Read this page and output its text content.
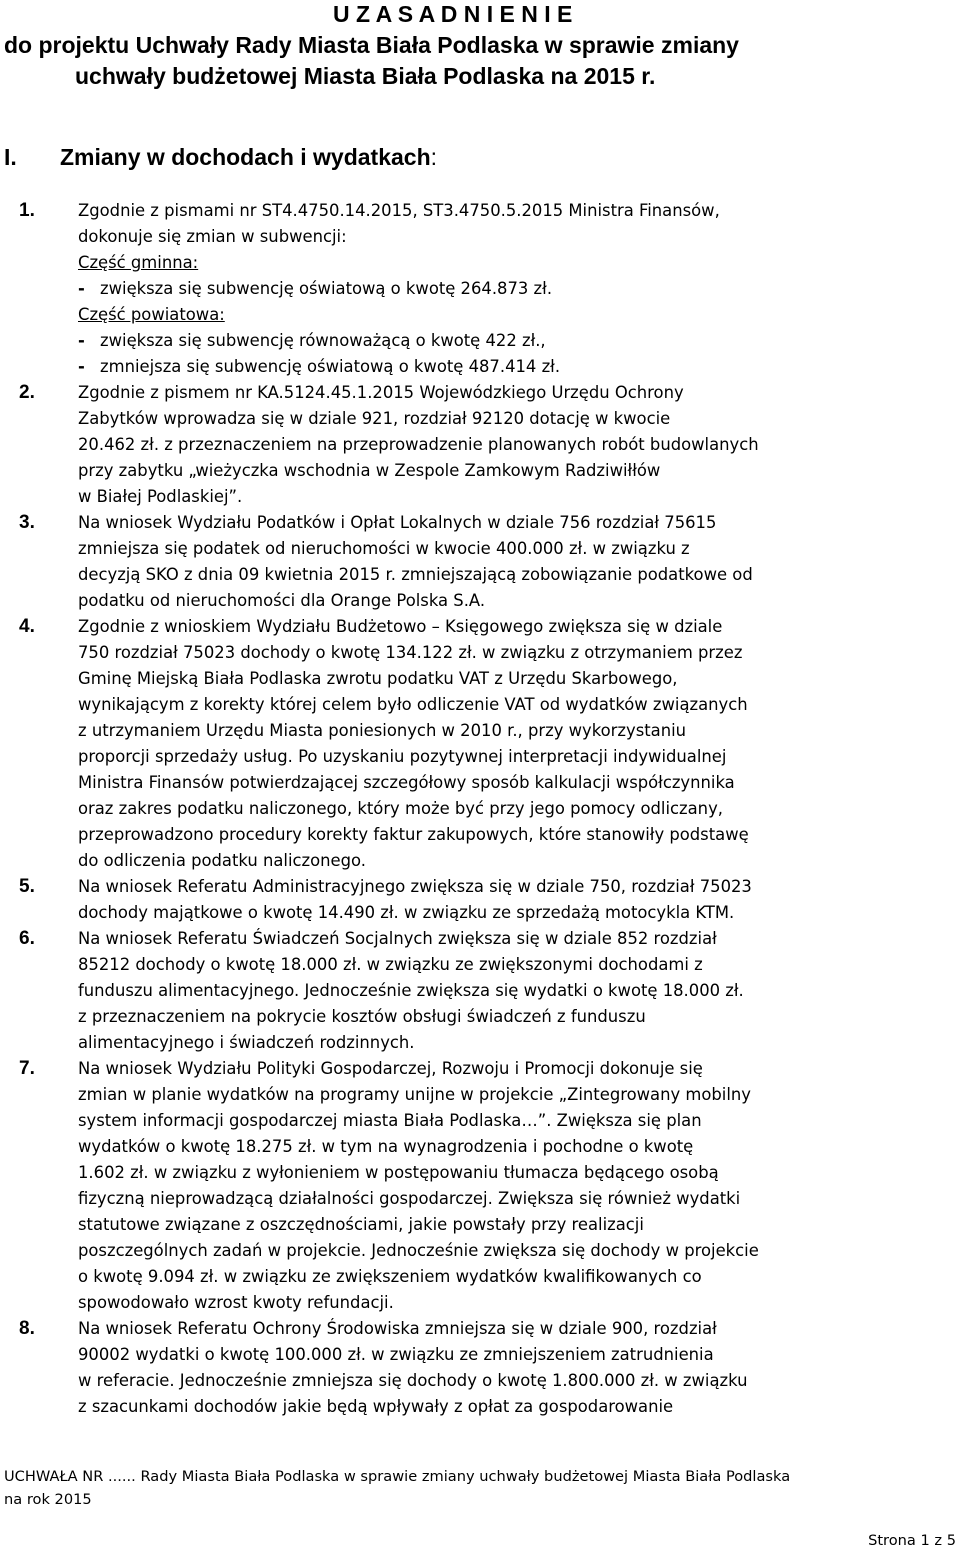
U Z A S A D N I E N I E

do projektu Uchwały Rady Miasta Biała Podlaska w sprawie zmiany

uchwały budżetowej Miasta Biała Podlaska na 2015 r.

I. Zmiany w dochodach i wydatkach:
1.	Zgodnie z pismami nr ST4.4750.14.2015, ST3.4750.5.2015 Ministra Finansów,
dokonuje się zmian w subwencji:
Część gminna:
- zwiększa się subwencję oświatową o kwotę 264.873 zł.
Część powiatowa:
- zwiększa się subwencję równoważącą o kwotę 422 zł.,
- zmniejsza się subwencję oświatową o kwotę 487.414 zł.
2.	Zgodnie z pismem nr KA.5124.45.1.2015 Wojewódzkiego Urzędu Ochrony
Zabytków wprowadza się w dziale 921, rozdział 92120 dotację w kwocie
20.462 zł. z przeznaczeniem na przeprowadzenie planowanych robót budowlanych
przy zabytku „wieżyczka wschodnia w Zespole Zamkowym Radziwiłłów
w Białej Podlaskiej”.
3.	Na wniosek Wydziału Podatków i Opłat Lokalnych w dziale 756 rozdział 75615
zmniejsza się podatek od nieruchomości w kwocie 400.000 zł. w związku z
decyzją SKO z dnia 09 kwietnia 2015 r. zmniejszającą zobowiązanie podatkowe od
podatku od nieruchomości dla Orange Polska S.A.
4.	Zgodnie z wnioskiem Wydziału Budżetowo – Księgowego zwiększa się w dziale
750 rozdział 75023 dochody o kwotę 134.122 zł. w związku z otrzymaniem przez
Gminę Miejską Biała Podlaska zwrotu podatku VAT z Urzędu Skarbowego,
wynikającym z korekty której celem było odliczenie VAT od wydatków związanych
z utrzymaniem Urzędu Miasta poniesionych w 2010 r., przy wykorzystaniu
proporcji sprzedaży usług. Po uzyskaniu pozytywnej interpretacji indywidualnej
Ministra Finansów potwierdzającej szczegółowy sposób kalkulacji współczynnika
oraz zakres podatku naliczonego, który może być przy jego pomocy odliczany,
przeprowadzono procedury korekty faktur zakupowych, które stanowiły podstawę
do odliczenia podatku naliczonego.
5.	Na wniosek Referatu Administracyjnego zwiększa się w dziale 750, rozdział 75023
dochody majątkowe o kwotę 14.490 zł. w związku ze sprzedażą motocykla KTM.
6.	Na wniosek Referatu Świadczeń Socjalnych zwiększa się w dziale 852 rozdział
85212 dochody o kwotę 18.000 zł. w związku ze zwiększonymi dochodami z
funduszu alimentacyjnego. Jednocześnie zwiększa się wydatki o kwotę 18.000 zł.
z przeznaczeniem na pokrycie kosztów obsługi świadczeń z funduszu
alimentacyjnego i świadczeń rodzinnych.
7.	Na wniosek Wydziału Polityki Gospodarczej, Rozwoju i Promocji dokonuje się
zmian w planie wydatków na programy unijne w projekcie „Zintegrowany mobilny
system informacji gospodarczej miasta Biała Podlaska…”. Zwiększa się plan
wydatków o kwotę 18.275 zł. w tym na wynagrodzenia i pochodne o kwotę
1.602 zł. w związku z wyłonieniem w postępowaniu tłumacza będącego osobą
fizyczną nieprowadzącą działalności gospodarczej. Zwiększa się również wydatki
statutowe związane z oszczędnościami, jakie powstały przy realizacji
poszczególnych zadań w projekcie. Jednocześnie zwiększa się dochody w projekcie
o kwotę 9.094 zł. w związku ze zwiększeniem wydatków kwalifikowanych co
spowodowało wzrost kwoty refundacji.
8.	Na wniosek Referatu Ochrony Środowiska zmniejsza się w dziale 900, rozdział
90002 wydatki o kwotę 100.000 zł. w związku ze zmniejszeniem zatrudnienia
w referacie. Jednocześnie zmniejsza się dochody o kwotę 1.800.000 zł. w związku
z szacunkami dochodów jakie będą wpływały z opłat za gospodarowanie
UCHWAŁA NR ...... Rady Miasta Biała Podlaska w sprawie zmiany uchwały budżetowej Miasta Biała Podlaska
na rok 2015
Strona 1 z 5
